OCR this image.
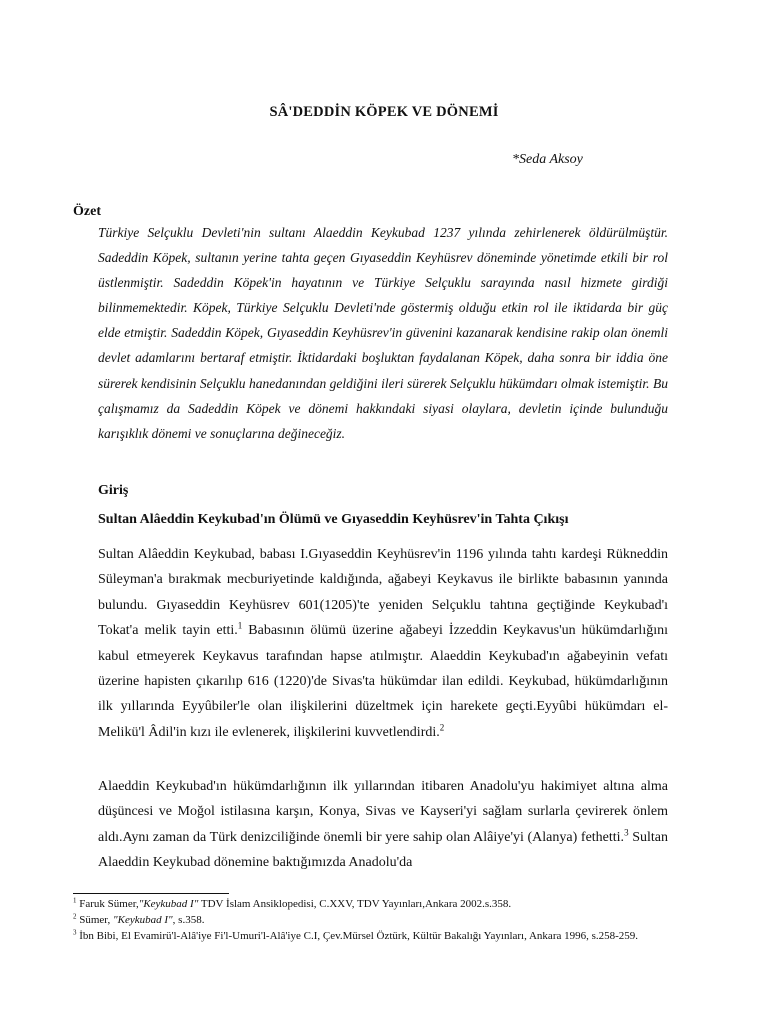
SÂ'DEDDİN KÖPEK VE DÖNEMİ
*Seda Aksoy
Özet

Türkiye Selçuklu Devleti'nin sultanı Alaeddin Keykubad 1237 yılında zehirlenerek öldürülmüştür. Sadeddin Köpek, sultanın yerine tahta geçen Gıyaseddin Keyhüsrev döneminde yönetimde etkili bir rol üstlenmiştir. Sadeddin Köpek'in hayatının ve Türkiye Selçuklu sarayında nasıl hizmete girdiği bilinmemektedir. Köpek, Türkiye Selçuklu Devleti'nde göstermiş olduğu etkin rol ile iktidarda bir güç elde etmiştir. Sadeddin Köpek, Gıyaseddin Keyhüsrev'in güvenini kazanarak kendisine rakip olan önemli devlet adamlarını bertaraf etmiştir. İktidardaki boşluktan faydalanan Köpek, daha sonra bir iddia öne sürerek kendisinin Selçuklu hanedanından geldiğini ileri sürerek Selçuklu hükümdarı olmak istemiştir. Bu çalışmamız da Sadeddin Köpek ve dönemi hakkındaki siyasi olaylara, devletin içinde bulunduğu karışıklık dönemi ve sonuçlarına değineceğiz.

Giriş
Sultan Alâeddin Keykubad'ın Ölümü ve Gıyaseddin Keyhüsrev'in Tahta Çıkışı

Sultan Alâeddin Keykubad, babası I.Gıyaseddin Keyhüsrev'in 1196 yılında tahtı kardeşi Rükneddin Süleyman'a bırakmak mecburiyetinde kaldığında, ağabeyi Keykavus ile birlikte babasının yanında bulundu. Gıyaseddin Keyhüsrev 601(1205)'te yeniden Selçuklu tahtına geçtiğinde Keykubad'ı Tokat'a melik tayin etti.$^1$ Babasının ölümü üzerine ağabeyi İzzeddin Keykavus'un hükümdarlığını kabul etmeyerek Keykavus tarafından hapse atılmıştır. Alaeddin Keykubad'ın ağabeyinin vefatı üzerine hapisten çıkarılıp 616 (1220)'de Sivas'ta hükümdar ilan edildi. Keykubad, hükümdarlığının ilk yıllarında Eyyûbiler'le olan ilişkilerini düzeltmek için harekete geçti.Eyyûbi hükümdarı el-Melikü'l Âdil'in kızı ile evlenerek, ilişkilerini kuvvetlendirdi.$^2$

Alaeddin Keykubad'ın hükümdarlığının ilk yıllarından itibaren Anadolu'yu hakimiyet altına alma düşüncesi ve Moğol istilasına karşın, Konya, Sivas ve Kayseri'yi sağlam surlarla çevirerek önlem aldı.Aynı zaman da Türk denizciliğinde önemli bir yere sahip olan Alâiye'yi (Alanya) fethetti.$^3$ Sultan Alaeddin Keykubad dönemine baktığımızda Anadolu'da

$^1$ Faruk Sümer,"Keykubad I" TDV İslam Ansiklopedisi, C.XXV, TDV Yayınları,Ankara 2002.s.358.
$^2$ Sümer, "Keykubad I", s.358.
$^3$ İbn Bibi, El Evamirü'l-Alâ'iye Fi'l-Umuri'l-Alâ'iye C.I, Çev.Mürsel Öztürk, Kültür Bakalığı Yayınları, Ankara 1996, s.258-259.
